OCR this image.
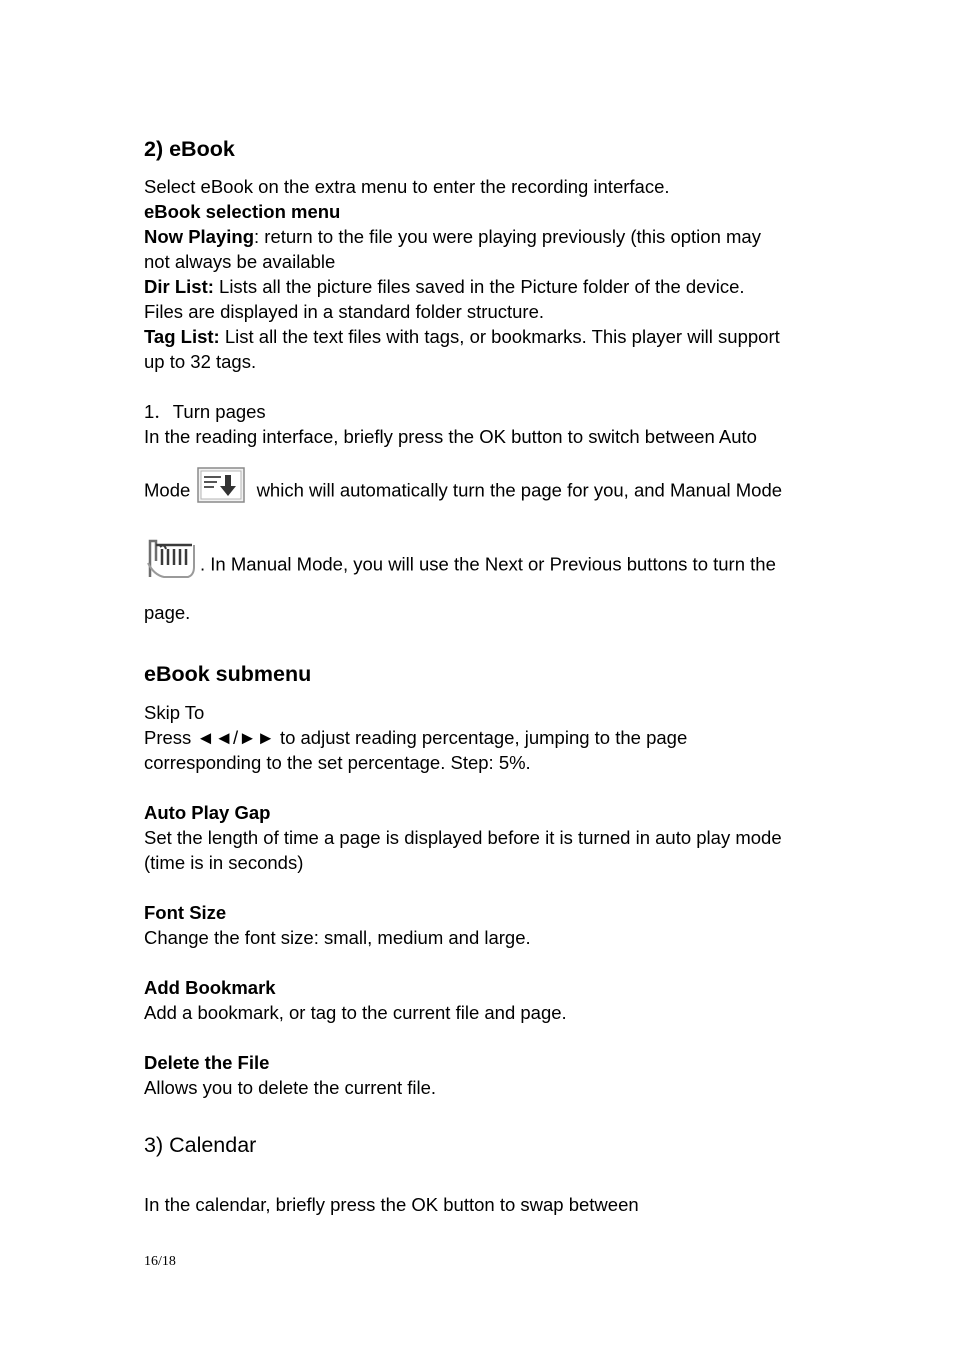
2) eBook
Select eBook on the extra menu to enter the recording interface.
eBook selection menu
Now Playing: return to the file you were playing previously (this option may
not always be available
Dir List: Lists all the picture files saved in the Picture folder of the device.
Files are displayed in a standard folder structure.
Tag List: List all the text files with tags, or bookmarks. This player will support
up to 32 tags.
1．Turn pages
In the reading interface, briefly press the OK button to switch between Auto
Mode	which will automatically turn the page for you, and Manual Mode
. In Manual Mode, you will use the Next or Previous buttons to turn the
page.
eBook submenu
Skip To
Press ◄◄/►► to adjust reading percentage, jumping to the page
corresponding to the set percentage. Step: 5%.
Auto Play Gap
Set the length of time a page is displayed before it is turned in auto play mode
(time is in seconds)
Font Size
Change the font size: small, medium and large.
Add Bookmark
Add a bookmark, or tag to the current file and page.
Delete the File
Allows you to delete the current file.
3) Calendar
In the calendar, briefly press the OK button to swap between
16/18
